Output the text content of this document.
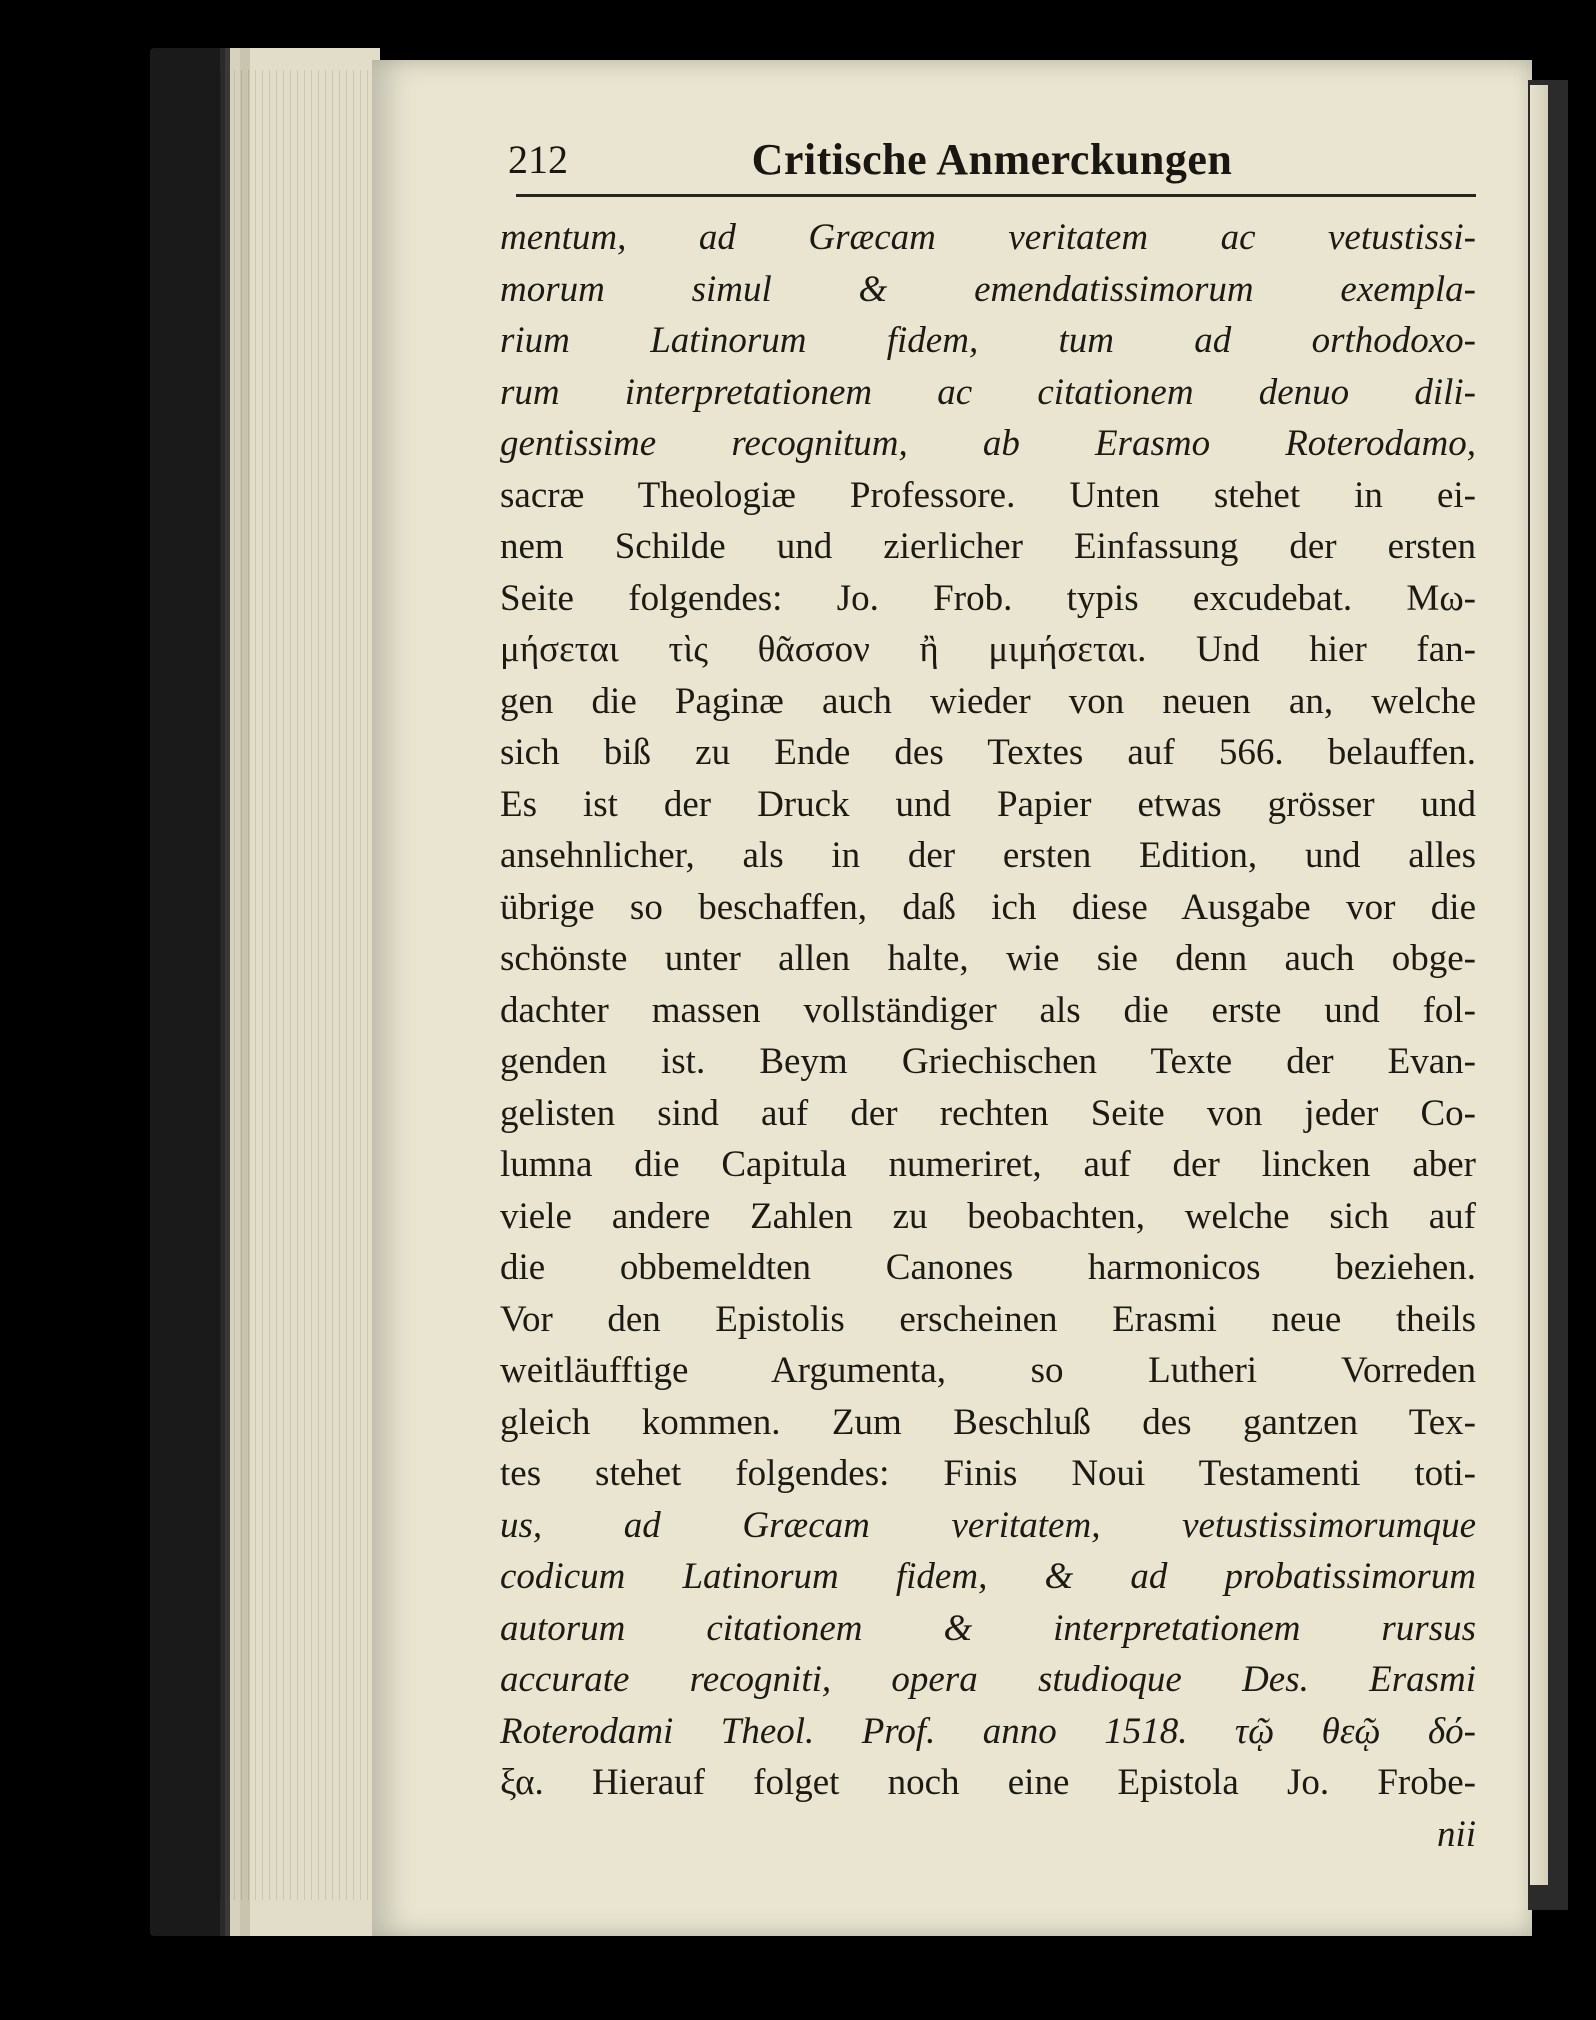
212	Critische Anmerckungen
mentum, ad Græcam veritatem ac vetustissi-
morum simul & emendatissimorum exempla-
rium Latinorum fidem, tum ad orthodoxo-
rum interpretationem ac citationem denuo dili-
gentissime recognitum, ab Erasmo Roterodamo,
sacræ Theologiæ Professore. Unten stehet in ei-
nem Schilde und zierlicher Einfassung der ersten
Seite folgendes: Jo. Frob. typis excudebat. Μω-
μήσεται τὶς θᾶσσον ἢ μιμήσεται. Und hier fan-
gen die Paginæ auch wieder von neuen an, welche
sich biß zu Ende des Textes auf 566. belauffen.
Es ist der Druck und Papier etwas grösser und
ansehnlicher, als in der ersten Edition, und alles
übrige so beschaffen, daß ich diese Ausgabe vor die
schönste unter allen halte, wie sie denn auch obge-
dachter massen vollständiger als die erste und fol-
genden ist. Beym Griechischen Texte der Evan-
gelisten sind auf der rechten Seite von jeder Co-
lumna die Capitula numeriret, auf der lincken aber
viele andere Zahlen zu beobachten, welche sich auf
die obbemeldten Canones harmonicos beziehen.
Vor den Epistolis erscheinen Erasmi neue theils
weitläufftige Argumenta, so Lutheri Vorreden
gleich kommen. Zum Beschluß des gantzen Tex-
tes stehet folgendes: Finis Noui Testamenti toti-
us, ad Græcam veritatem, vetustissimorumque
codicum Latinorum fidem, & ad probatissimorum
autorum citationem & interpretationem rursus
accurate recogniti, opera studioque Des. Erasmi
Roterodami Theol. Prof. anno 1518. τῷ θεῷ δό-
ξα. Hierauf folget noch eine Epistola Jo. Frobe-
nii
